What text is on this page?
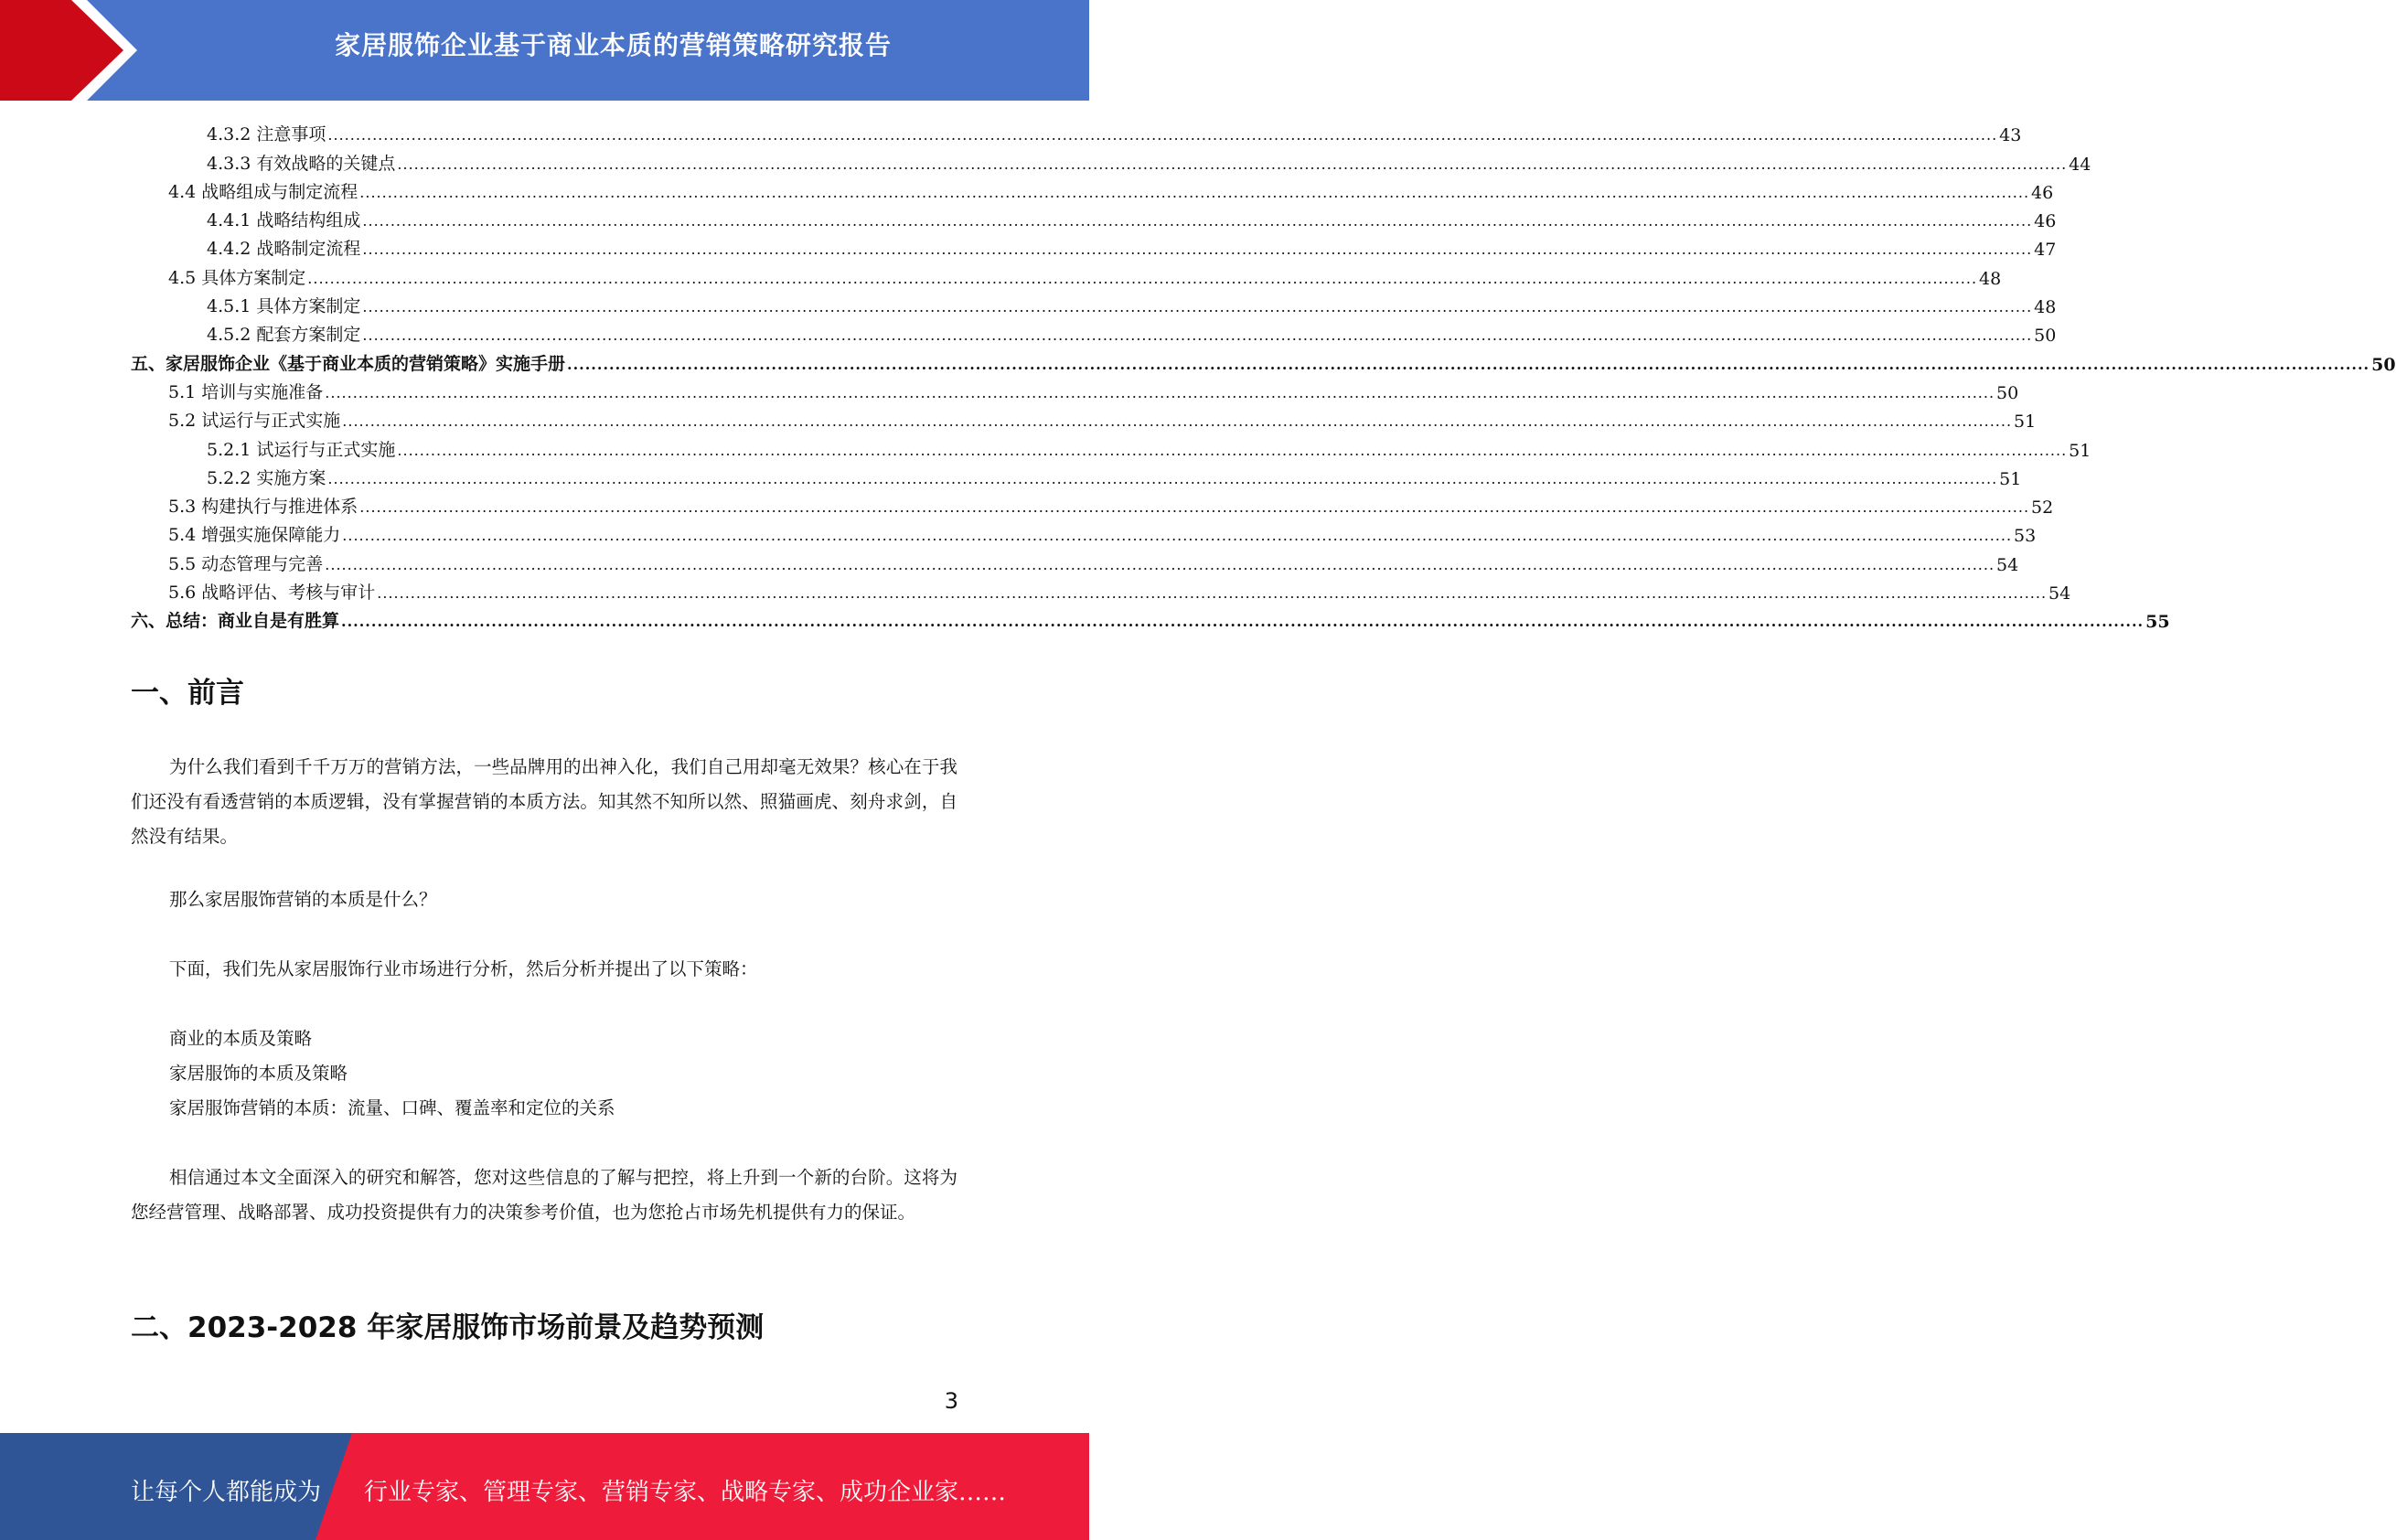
家居服饰企业基于商业本质的营销策略研究报告
4.3.2 注意事项 ............................................................................................................................................................................................................................................................................................................ 43
4.3.3 有效战略的关键点 ............................................................................................................................................................................................................................................................................................................ 44
4.4 战略组成与制定流程 ............................................................................................................................................................................................................................................................................................................ 46
4.4.1 战略结构组成 ............................................................................................................................................................................................................................................................................................................ 46
4.4.2 战略制定流程 ............................................................................................................................................................................................................................................................................................................ 47
4.5 具体方案制定 ............................................................................................................................................................................................................................................................................................................ 48
4.5.1 具体方案制定 ............................................................................................................................................................................................................................................................................................................ 48
4.5.2 配套方案制定 ............................................................................................................................................................................................................................................................................................................ 50
五、家居服饰企业《基于商业本质的营销策略》实施手册 ............................................................................................................................................................................................................................................................................................................ 50
5.1 培训与实施准备 ............................................................................................................................................................................................................................................................................................................ 50
5.2 试运行与正式实施 ............................................................................................................................................................................................................................................................................................................ 51
5.2.1 试运行与正式实施 ............................................................................................................................................................................................................................................................................................................ 51
5.2.2 实施方案 ............................................................................................................................................................................................................................................................................................................ 51
5.3 构建执行与推进体系 ............................................................................................................................................................................................................................................................................................................ 52
5.4 增强实施保障能力 ............................................................................................................................................................................................................................................................................................................ 53
5.5 动态管理与完善 ............................................................................................................................................................................................................................................................................................................ 54
5.6 战略评估、考核与审计 ............................................................................................................................................................................................................................................................................................................ 54
六、总结：商业自是有胜算 ............................................................................................................................................................................................................................................................................................................ 55
一、前言
为什么我们看到千千万万的营销方法，一些品牌用的出神入化，我们自己用却毫无效果？核心在于我们还没有看透营销的本质逻辑，没有掌握营销的本质方法。知其然不知所以然、照猫画虎、刻舟求剑，自然没有结果。
那么家居服饰营销的本质是什么？
下面，我们先从家居服饰行业市场进行分析，然后分析并提出了以下策略：
商业的本质及策略
家居服饰的本质及策略
家居服饰营销的本质：流量、口碑、覆盖率和定位的关系
相信通过本文全面深入的研究和解答，您对这些信息的了解与把控，将上升到一个新的台阶。这将为您经营管理、战略部署、成功投资提供有力的决策参考价值，也为您抢占市场先机提供有力的保证。
二、2023-2028 年家居服饰市场前景及趋势预测
3
让每个人都能成为 行业专家、管理专家、营销专家、战略专家、成功企业家……
